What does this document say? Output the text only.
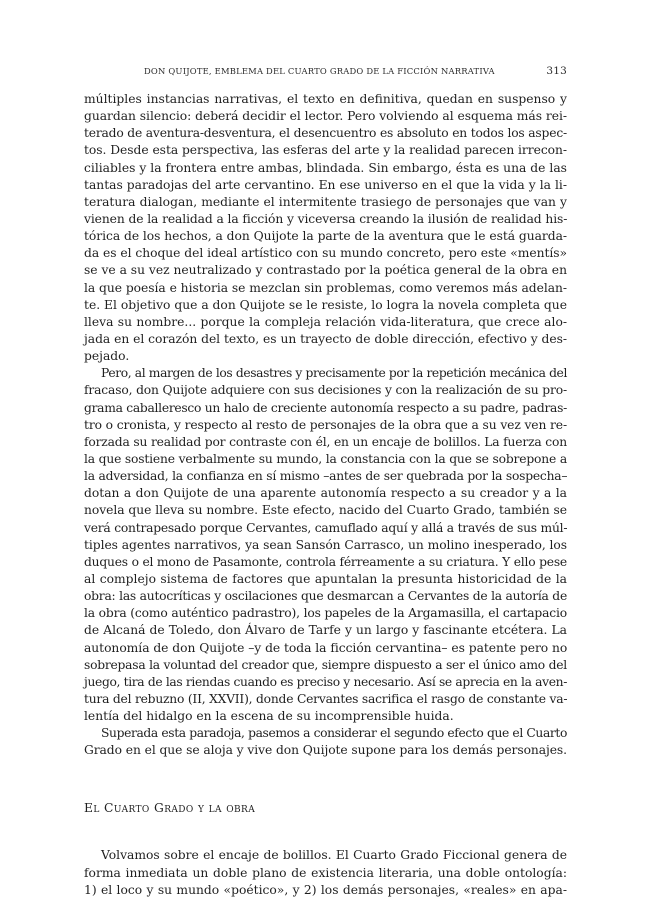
DON QUIJOTE, EMBLEMA DEL CUARTO GRADO DE LA FICCIÓN NARRATIVA	313
múltiples instancias narrativas, el texto en definitiva, quedan en suspenso y
guardan silencio: deberá decidir el lector. Pero volviendo al esquema más rei-
terado de aventura-desventura, el desencuentro es absoluto en todos los aspec-
tos. Desde esta perspectiva, las esferas del arte y la realidad parecen irrecon-
ciliables y la frontera entre ambas, blindada. Sin embargo, ésta es una de las
tantas paradojas del arte cervantino. En ese universo en el que la vida y la li-
teratura dialogan, mediante el intermitente trasiego de personajes que van y
vienen de la realidad a la ficción y viceversa creando la ilusión de realidad his-
tórica de los hechos, a don Quijote la parte de la aventura que le está guarda-
da es el choque del ideal artístico con su mundo concreto, pero este «mentís»
se ve a su vez neutralizado y contrastado por la poética general de la obra en
la que poesía e historia se mezclan sin problemas, como veremos más adelan-
te. El objetivo que a don Quijote se le resiste, lo logra la novela completa que
lleva su nombre... porque la compleja relación vida-literatura, que crece alo-
jada en el corazón del texto, es un trayecto de doble dirección, efectivo y des-
pejado.
Pero, al margen de los desastres y precisamente por la repetición mecánica del
fracaso, don Quijote adquiere con sus decisiones y con la realización de su pro-
grama caballeresco un halo de creciente autonomía respecto a su padre, padras-
tro o cronista, y respecto al resto de personajes de la obra que a su vez ven re-
forzada su realidad por contraste con él, en un encaje de bolillos. La fuerza con
la que sostiene verbalmente su mundo, la constancia con la que se sobrepone a
la adversidad, la confianza en sí mismo –antes de ser quebrada por la sospecha–
dotan a don Quijote de una aparente autonomía respecto a su creador y a la
novela que lleva su nombre. Este efecto, nacido del Cuarto Grado, también se
verá contrapesado porque Cervantes, camuflado aquí y allá a través de sus múl-
tiples agentes narrativos, ya sean Sansón Carrasco, un molino inesperado, los
duques o el mono de Pasamonte, controla férreamente a su criatura. Y ello pese
al complejo sistema de factores que apuntalan la presunta historicidad de la
obra: las autocríticas y oscilaciones que desmarcan a Cervantes de la autoría de
la obra (como auténtico padrastro), los papeles de la Argamasilla, el cartapacio
de Alcaná de Toledo, don Álvaro de Tarfe y un largo y fascinante etcétera. La
autonomía de don Quijote –y de toda la ficción cervantina– es patente pero no
sobrepasa la voluntad del creador que, siempre dispuesto a ser el único amo del
juego, tira de las riendas cuando es preciso y necesario. Así se aprecia en la aven-
tura del rebuzno (II, XXVII), donde Cervantes sacrifica el rasgo de constante va-
lentía del hidalgo en la escena de su incomprensible huida.
Superada esta paradoja, pasemos a considerar el segundo efecto que el Cuarto
Grado en el que se aloja y vive don Quijote supone para los demás personajes.
El Cuarto Grado y la obra
Volvamos sobre el encaje de bolillos. El Cuarto Grado Ficcional genera de
forma inmediata un doble plano de existencia literaria, una doble ontología:
1) el loco y su mundo «poético», y 2) los demás personajes, «reales» en apa-
